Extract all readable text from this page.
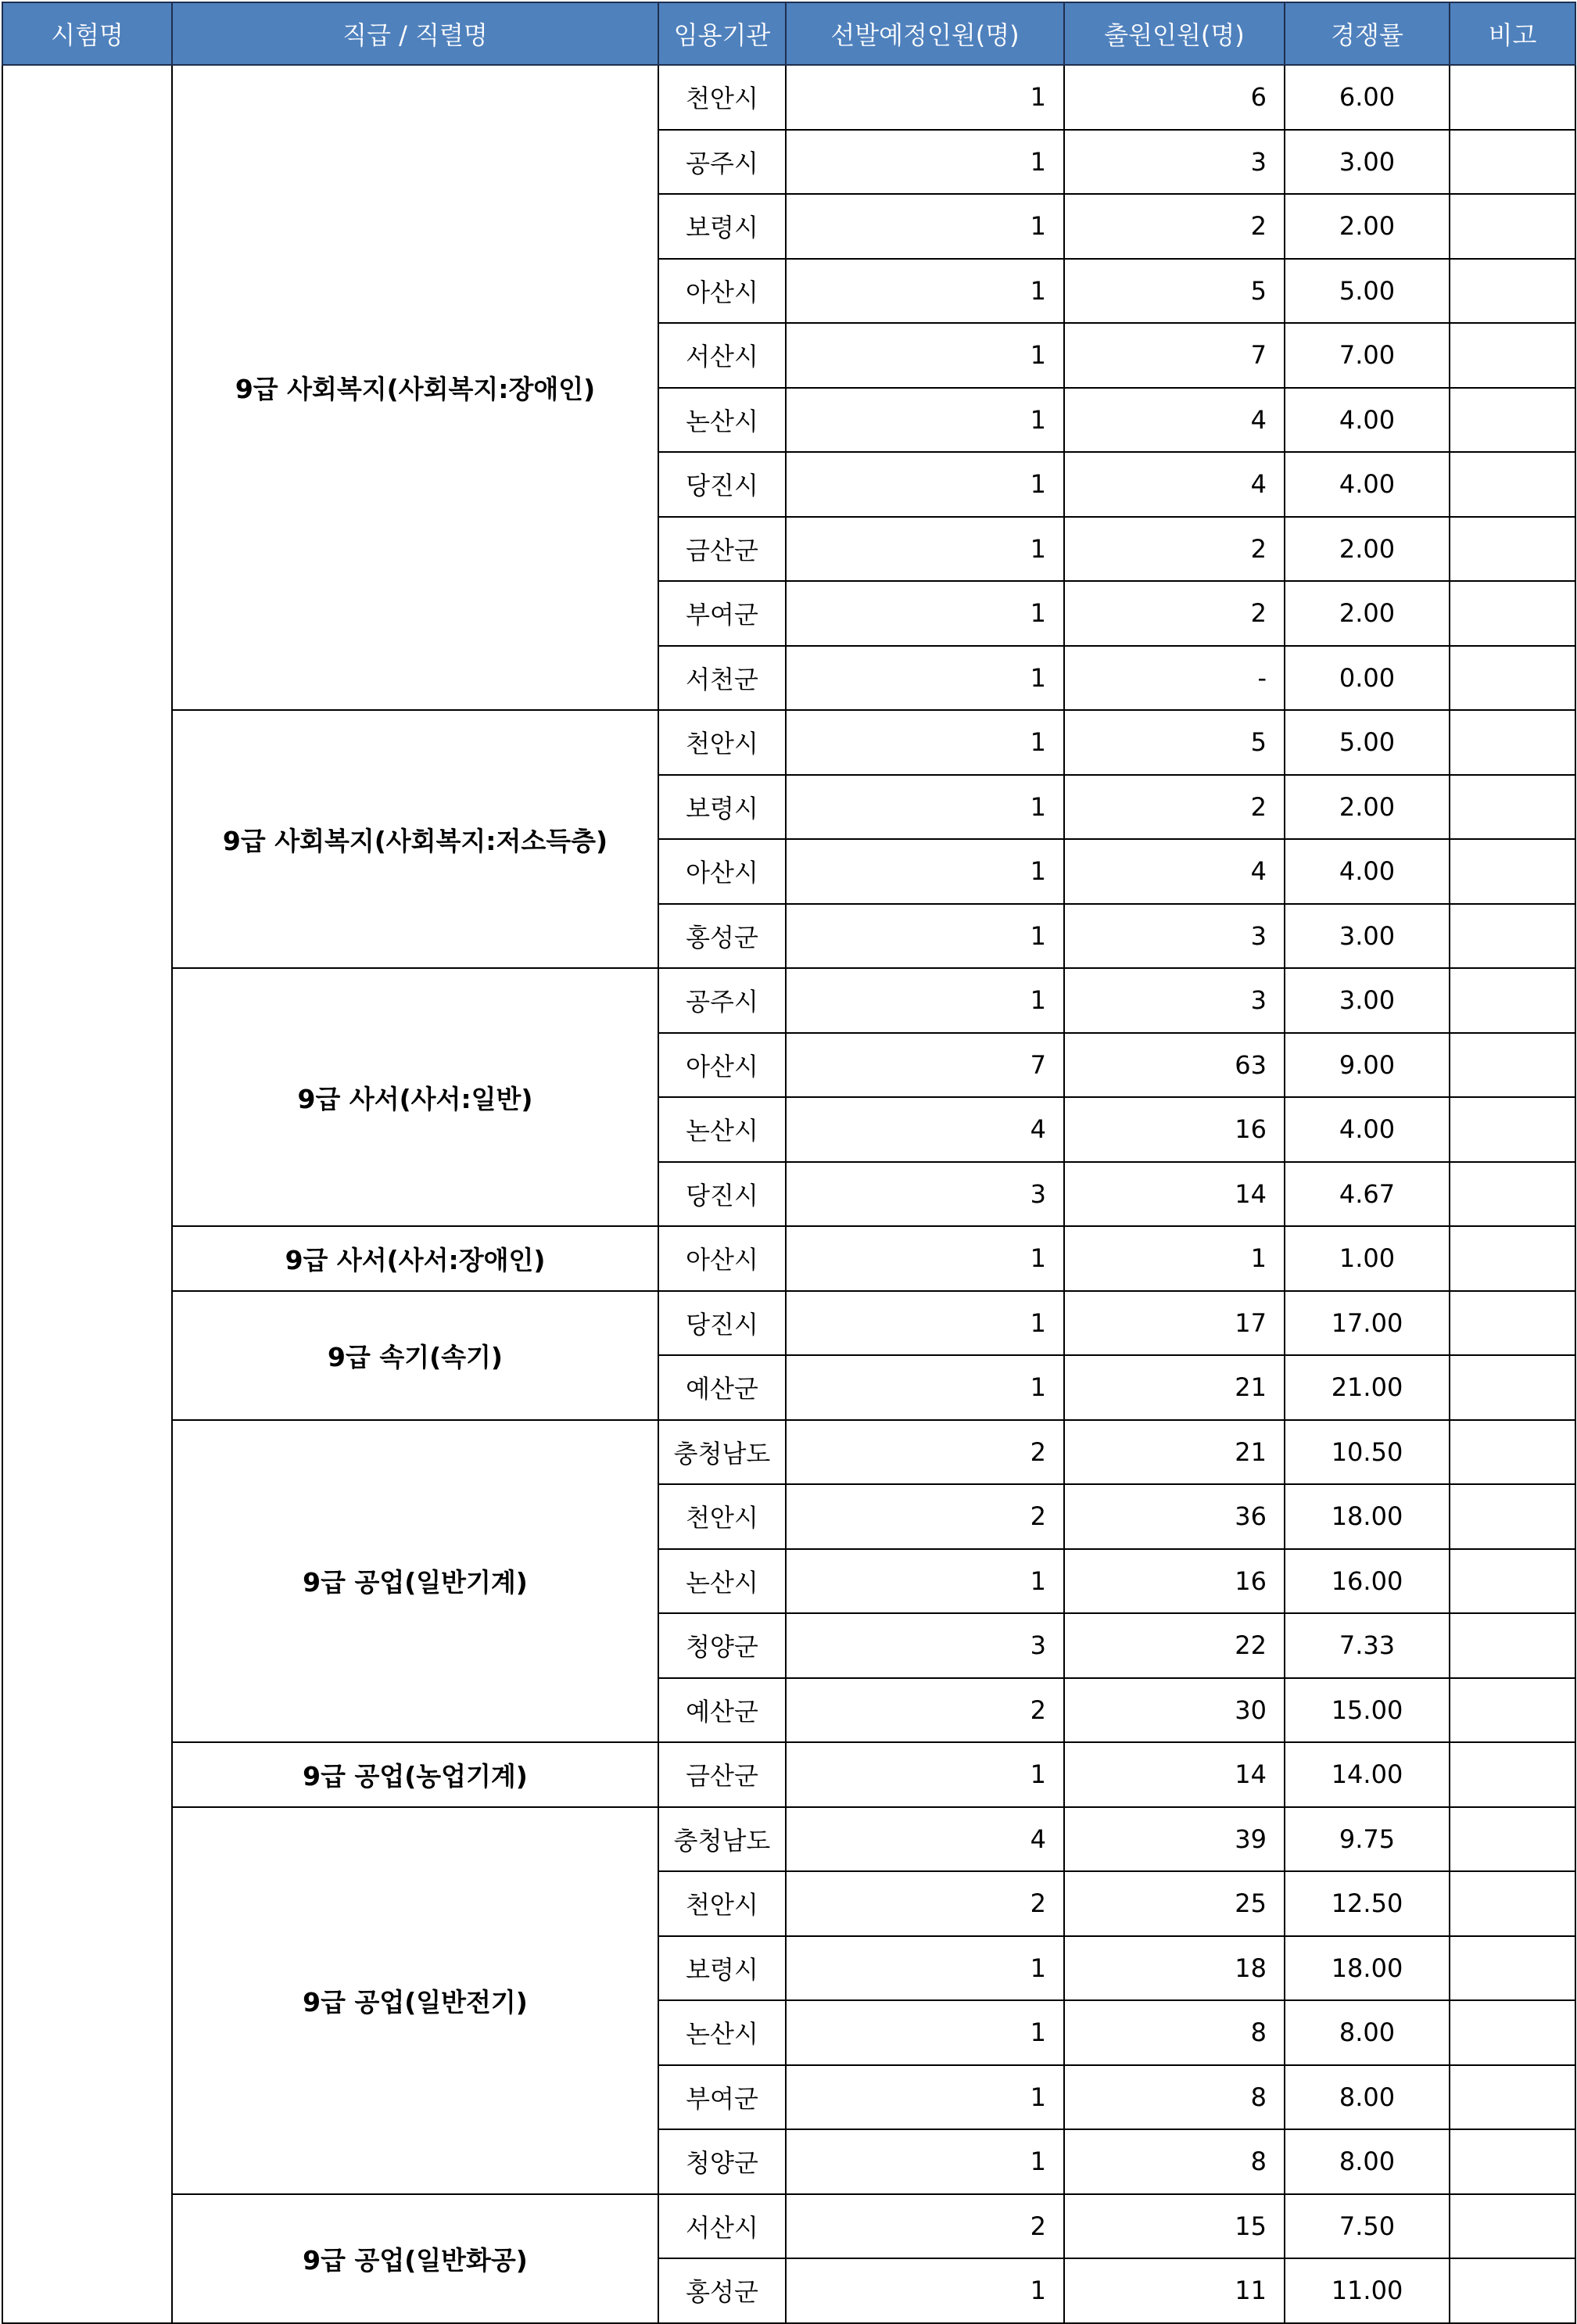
시험명	직급 / 직렬명	임용기관	선발예정인원(명)	출원인원(명)	경쟁률	비고
	9급 사회복지(사회복지:장애인)	천안시	1	6	6.00	
		공주시	1	3	3.00	
		보령시	1	2	2.00	
		아산시	1	5	5.00	
		서산시	1	7	7.00	
		논산시	1	4	4.00	
		당진시	1	4	4.00	
		금산군	1	2	2.00	
		부여군	1	2	2.00	
		서천군	1	-	0.00	
	9급 사회복지(사회복지:저소득층)	천안시	1	5	5.00	
		보령시	1	2	2.00	
		아산시	1	4	4.00	
		홍성군	1	3	3.00	
	9급 사서(사서:일반)	공주시	1	3	3.00	
		아산시	7	63	9.00	
		논산시	4	16	4.00	
		당진시	3	14	4.67	
	9급 사서(사서:장애인)	아산시	1	1	1.00	
	9급 속기(속기)	당진시	1	17	17.00	
		예산군	1	21	21.00	
	9급 공업(일반기계)	충청남도	2	21	10.50	
		천안시	2	36	18.00	
		논산시	1	16	16.00	
		청양군	3	22	7.33	
		예산군	2	30	15.00	
	9급 공업(농업기계)	금산군	1	14	14.00	
	9급 공업(일반전기)	충청남도	4	39	9.75	
		천안시	2	25	12.50	
		보령시	1	18	18.00	
		논산시	1	8	8.00	
		부여군	1	8	8.00	
		청양군	1	8	8.00	
	9급 공업(일반화공)	서산시	2	15	7.50	
		홍성군	1	11	11.00	
